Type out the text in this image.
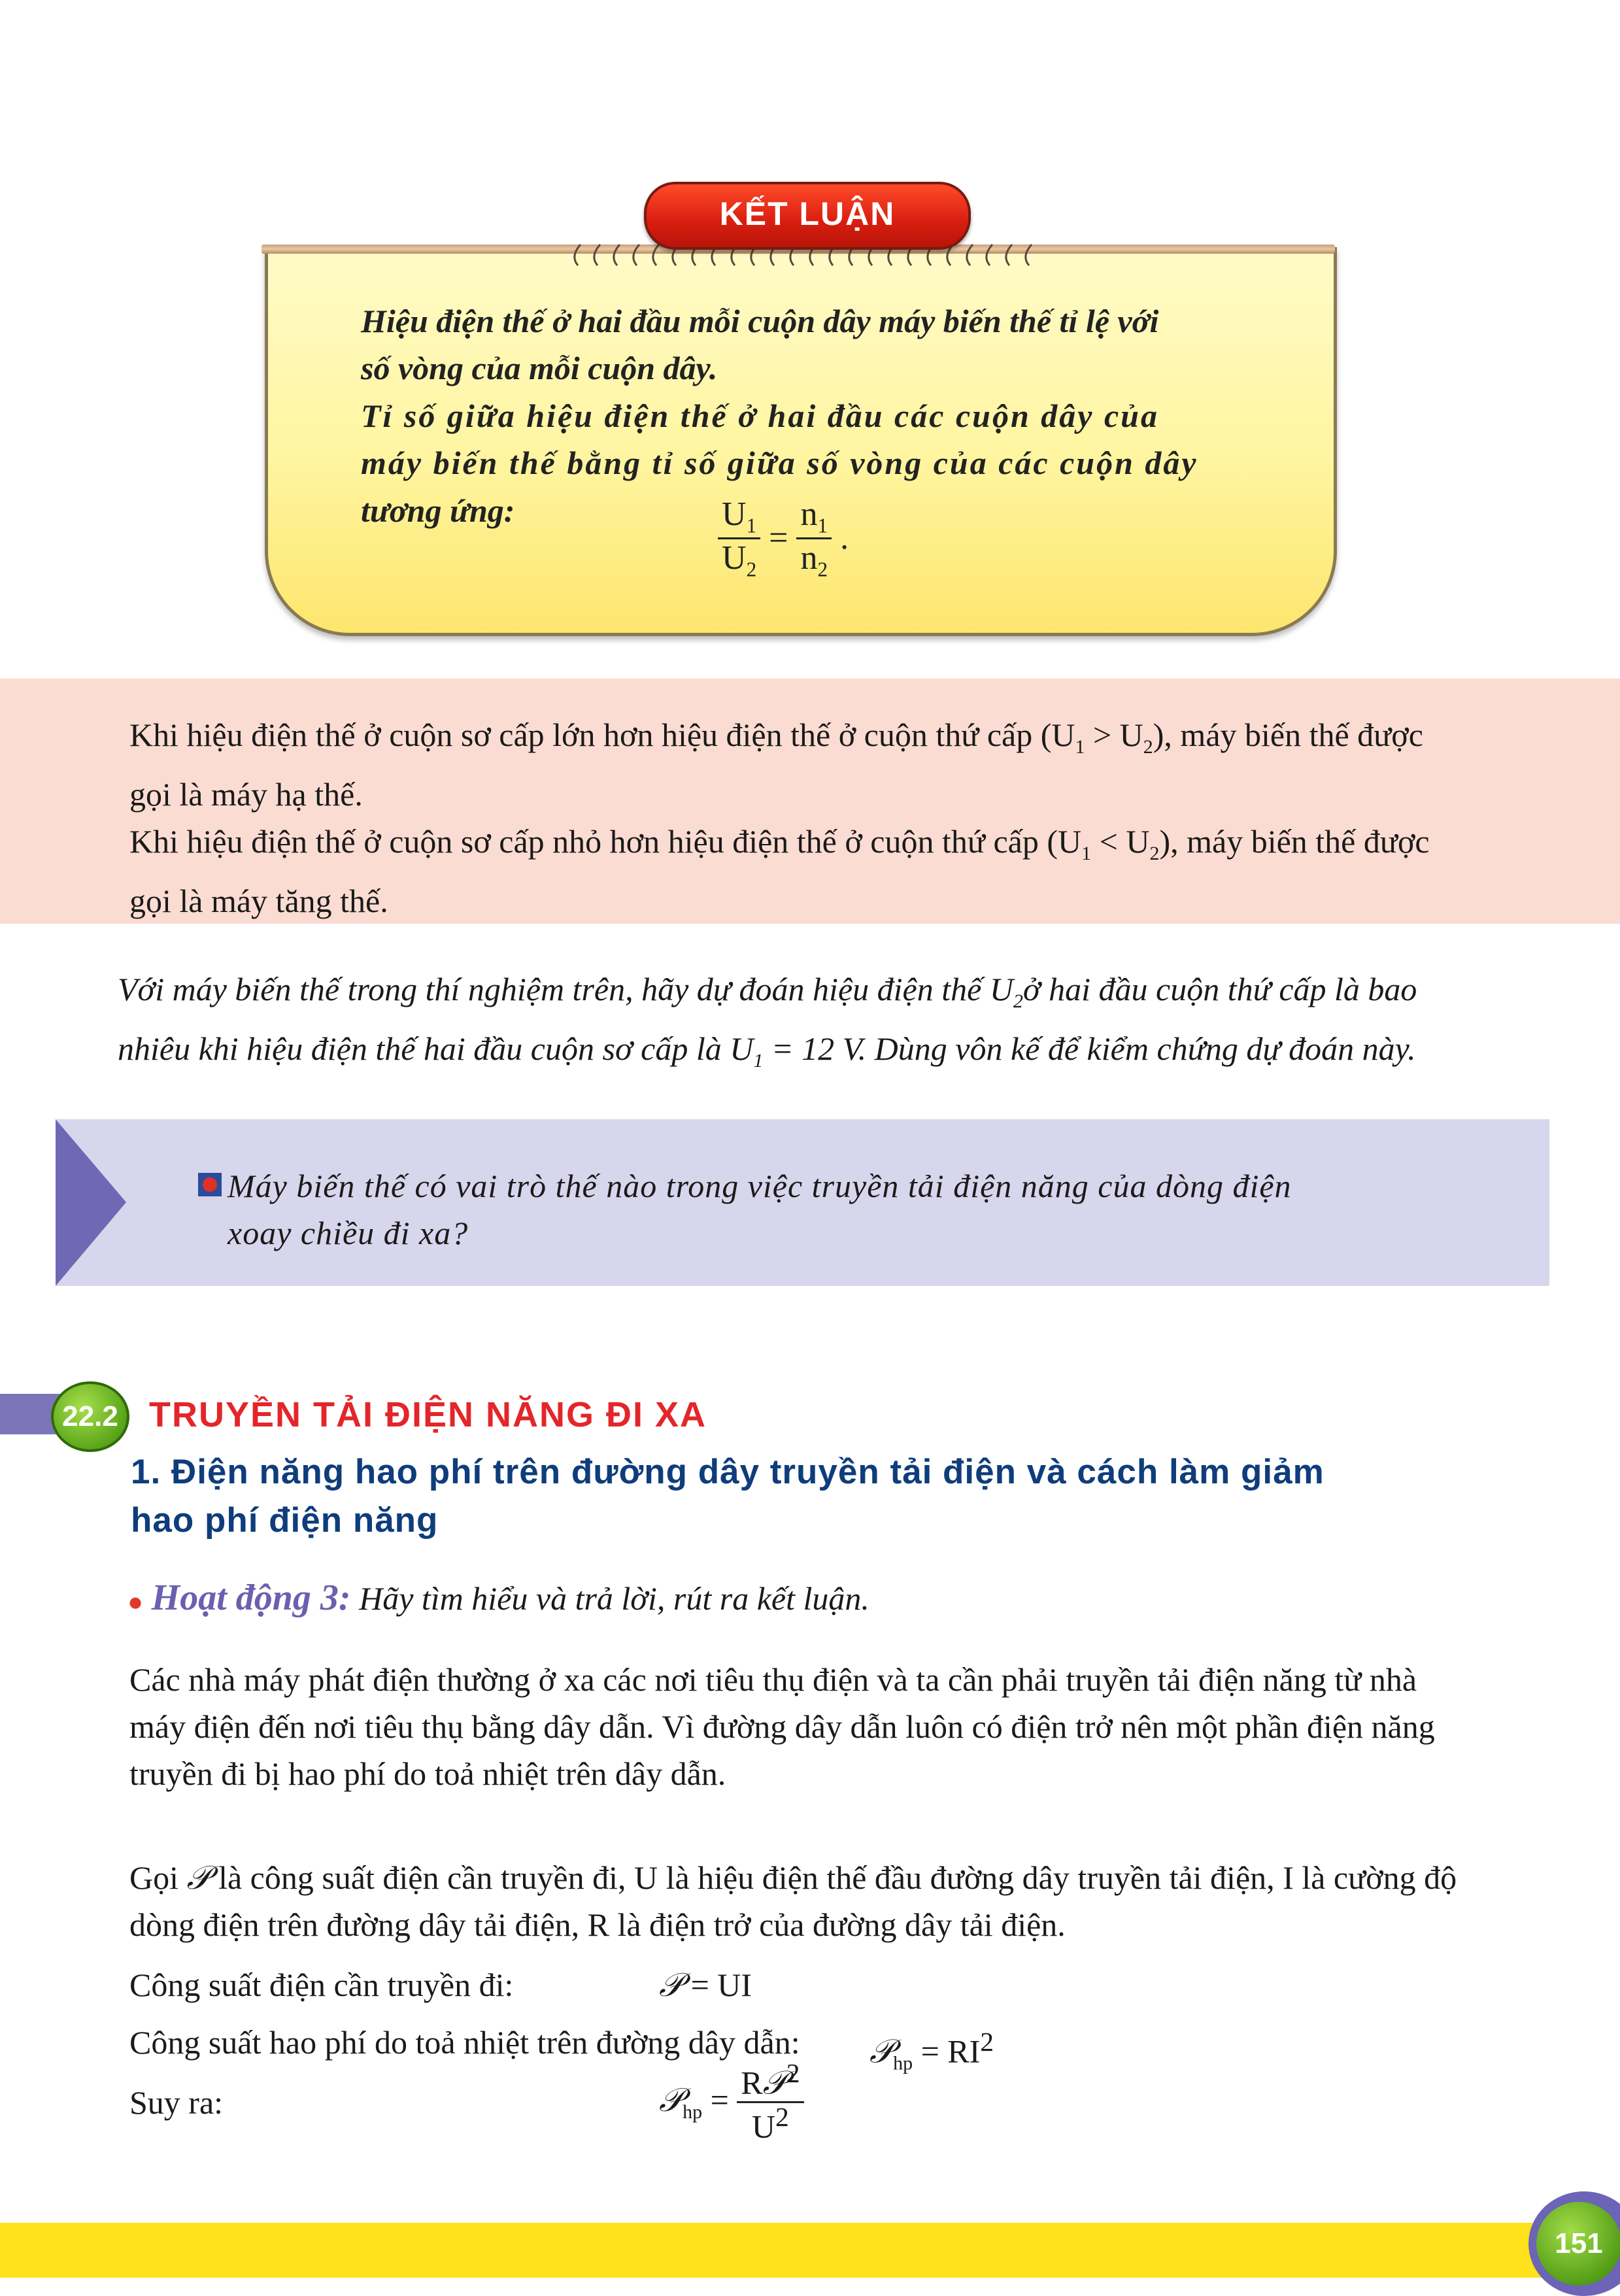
KẾT LUẬN
Hiệu điện thế ở hai đầu mỗi cuộn dây máy biến thế tỉ lệ với
số vòng của mỗi cuộn dây.
Tỉ số giữa hiệu điện thế ở hai đầu các cuộn dây của
máy biến thế bằng tỉ số giữa số vòng của các cuộn dây
tương ứng:	$\frac{U_1}{U_2} = \frac{n_1}{n_2}$ .
Khi hiệu điện thế ở cuộn sơ cấp lớn hơn hiệu điện thế ở cuộn thứ cấp $(U_1 > U_2)$, máy biến thế được
gọi là máy hạ thế.
Khi hiệu điện thế ở cuộn sơ cấp nhỏ hơn hiệu điện thế ở cuộn thứ cấp $(U_1 < U_2)$, máy biến thế được
gọi là máy tăng thế.
Với máy biến thế trong thí nghiệm trên, hãy dự đoán hiệu điện thế $U_2ở$ hai đầu cuộn thứ cấp là bao
nhiêu khi hiệu điện thế hai đầu cuộn sơ cấp là $U_1 = 12$ V. Dùng vôn kế để kiểm chứng dự đoán này.
Máy biến thế có vai trò thế nào trong việc truyền tải điện năng của dòng điện
xoay chiều đi xa?
22.2 TRUYỀN TẢI ĐIỆN NĂNG ĐI XA
1. Điện năng hao phí trên đường dây truyền tải điện và cách làm giảm
hao phí điện năng
● Hoạt động 3: Hãy tìm hiểu và trả lời, rút ra kết luận.
Các nhà máy phát điện thường ở xa các nơi tiêu thụ điện và ta cần phải truyền tải điện năng từ nhà
máy điện đến nơi tiêu thụ bằng dây dẫn. Vì đường dây dẫn luôn có điện trở nên một phần điện năng
truyền đi bị hao phí do toả nhiệt trên dây dẫn.
Gọi 𝒫 là công suất điện cần truyền đi, U là hiệu điện thế đầu đường dây truyền tải điện, I là cường độ
dòng điện trên đường dây tải điện, R là điện trở của đường dây tải điện.
Công suất điện cần truyền đi:	𝒫 = UI
Công suất hao phí do toả nhiệt trên đường dây dẫn: 𝒫$_{hp}$ = $RI^2$
Suy ra:	𝒫$_{hp}$ = $\frac{R𝒫^2}{U^2}$
151
